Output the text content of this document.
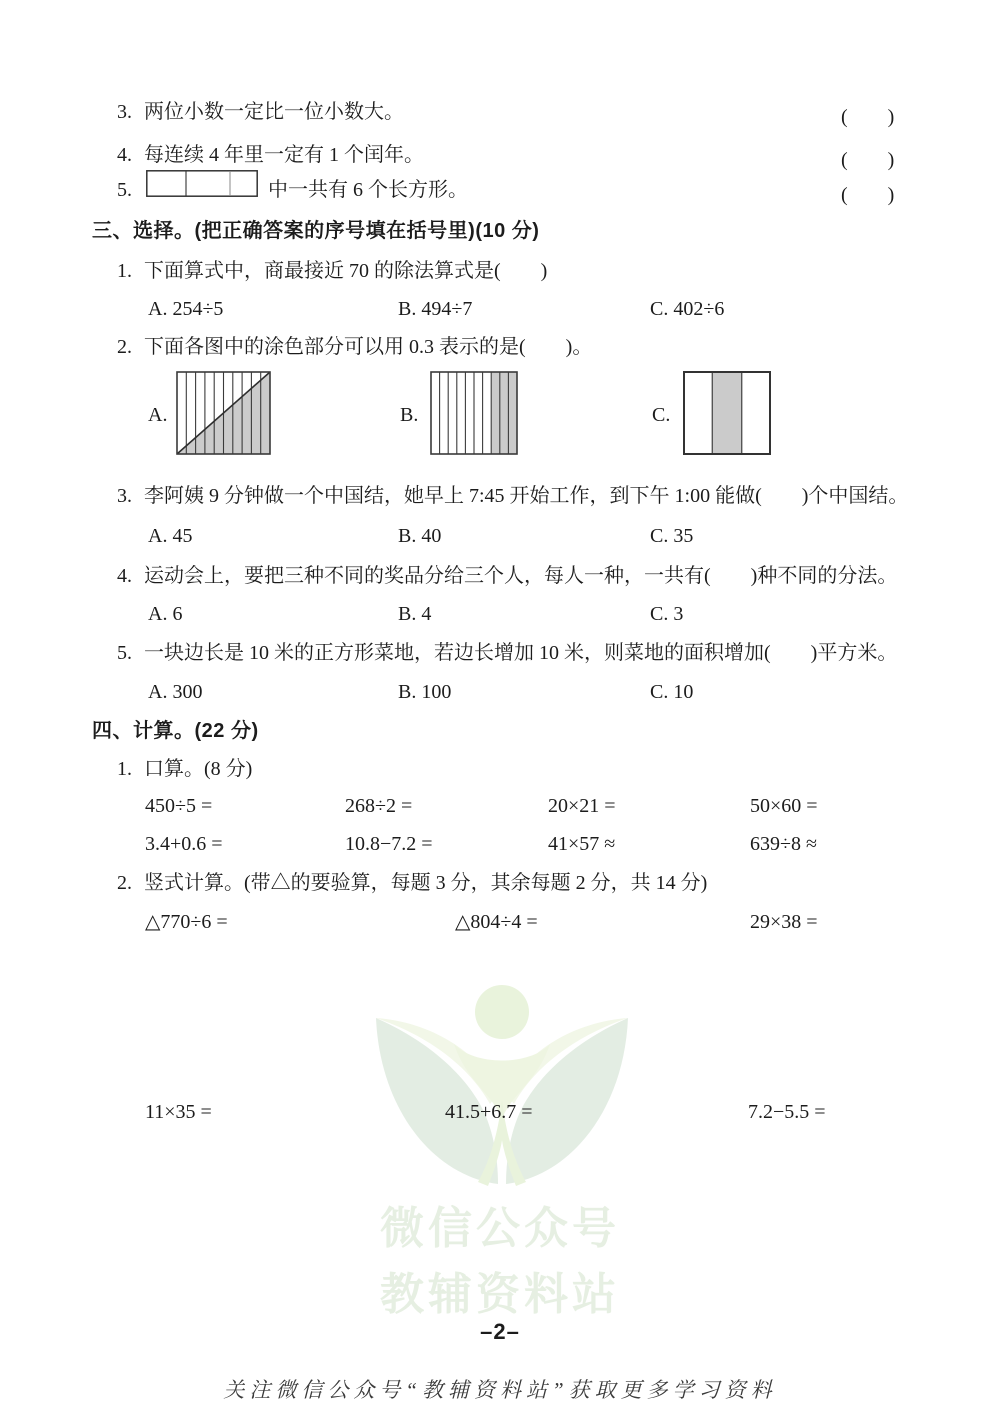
微信公众号
教辅资料站
3. 两位小数一定比一位小数大。	(　　)
4. 每连续 4 年里一定有 1 个闰年。	(　　)
5.	中一共有 6 个长方形。	(　　)
三、选择。(把正确答案的序号填在括号里)(10 分)
1. 下面算式中，商最接近 70 的除法算式是(　　)
A. 254÷5	B. 494÷7	C. 402÷6
2. 下面各图中的涂色部分可以用 0.3 表示的是(　　)。
A.	B.	C.
3. 李阿姨 9 分钟做一个中国结，她早上 7:45 开始工作，到下午 1:00 能做(　　)个中国结。
A. 45	B. 40	C. 35
4. 运动会上，要把三种不同的奖品分给三个人，每人一种，一共有(　　)种不同的分法。
A. 6	B. 4	C. 3
5. 一块边长是 10 米的正方形菜地，若边长增加 10 米，则菜地的面积增加(　　)平方米。
A. 300	B. 100	C. 10
四、计算。(22 分)
1. 口算。(8 分)
450÷5 =	268÷2 =	20×21 =	50×60 =
3.4+0.6 =	10.8−7.2 =	41×57 ≈	639÷8 ≈
2. 竖式计算。(带△的要验算，每题 3 分，其余每题 2 分，共 14 分)
△770÷6 =	△804÷4 =	29×38 =
11×35 =	41.5+6.7 =	7.2−5.5 =
–2–
关注微信公众号“教辅资料站”获取更多学习资料
